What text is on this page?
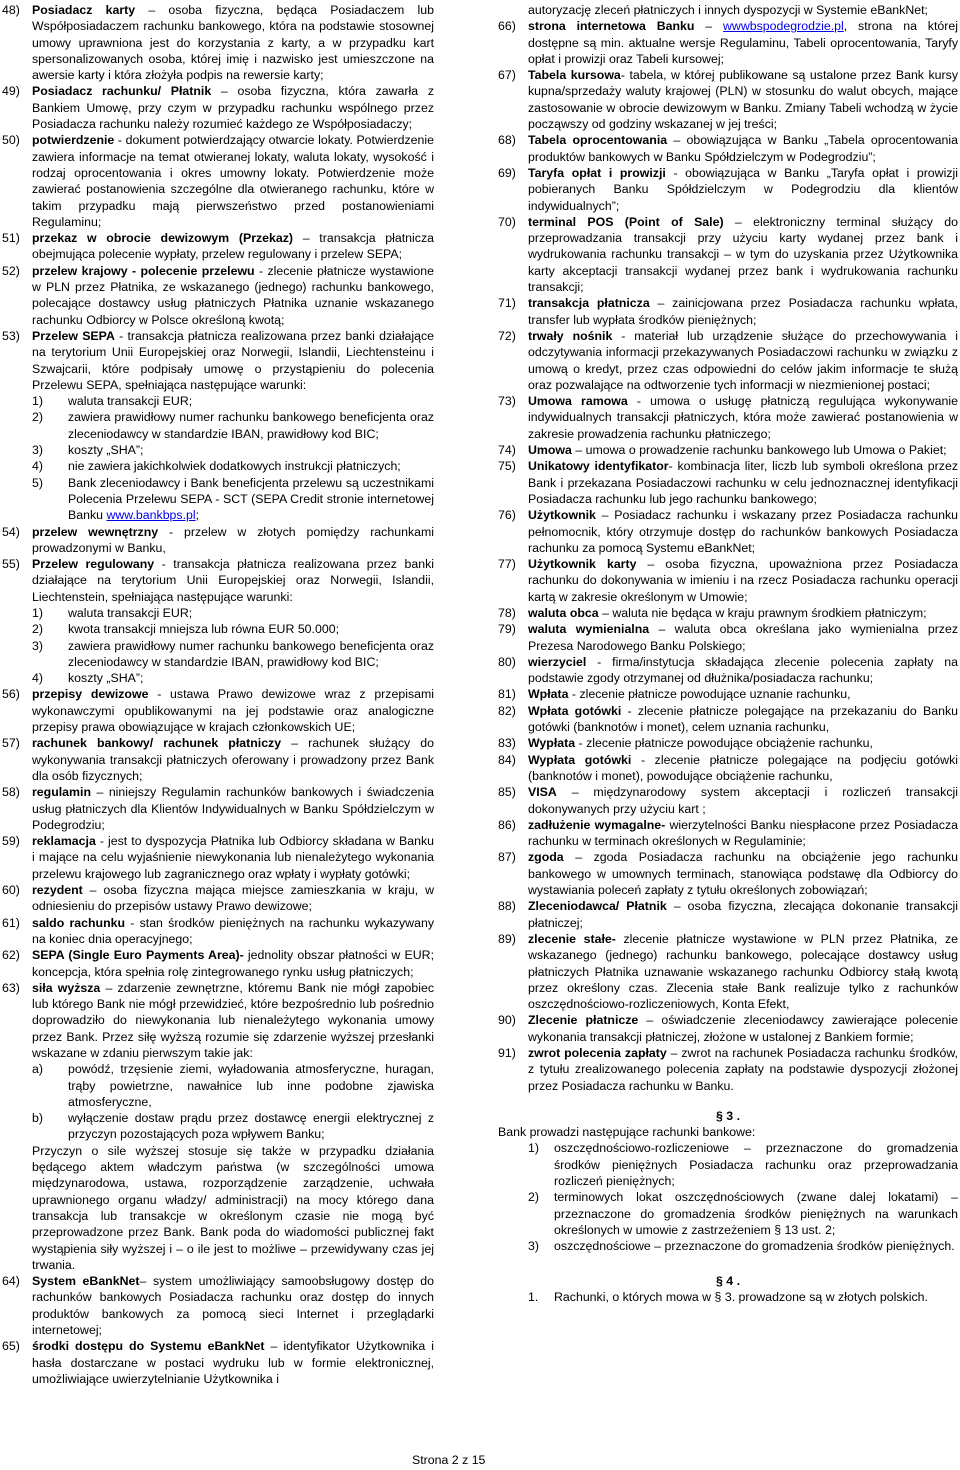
48) Posiadacz karty – osoba fizyczna, będąca Posiadaczem lub Współposiadaczem rachunku bankowego, która na podstawie stosownej umowy uprawniona jest do korzystania z karty, a w przypadku kart spersonalizowanych osoba, której imię i nazwisko jest umieszczone na awersie karty i która złożyła podpis na rewersie karty;

49) Posiadacz rachunku/ Płatnik – osoba fizyczna, która zawarła z Bankiem Umowę, przy czym w przypadku rachunku wspólnego przez Posiadacza rachunku należy rozumieć każdego ze Współposiadaczy;

50) potwierdzenie - dokument potwierdzający otwarcie lokaty. Potwierdzenie zawiera informacje na temat otwieranej lokaty, waluta lokaty, wysokość i rodzaj oprocentowania i okres umowny lokaty. Potwierdzenie może zawierać postanowienia szczególne dla otwieranego rachunku, które w takim przypadku mają pierwszeństwo przed postanowieniami Regulaminu;

51) przekaz w obrocie dewizowym (Przekaz) – transakcja płatnicza obejmująca polecenie wypłaty, przelew regulowany i przelew SEPA;

52) przelew krajowy - polecenie przelewu - zlecenie płatnicze wystawione w PLN przez Płatnika, ze wskazanego (jednego) rachunku bankowego, polecające dostawcy usług płatniczych Płatnika uznanie wskazanego rachunku Odbiorcy w Polsce określoną kwotą;

53) Przelew SEPA - transakcja płatnicza realizowana przez banki działające na terytorium Unii Europejskiej oraz Norwegii, Islandii, Liechtensteinu i Szwajcarii, które podpisały umowę o przystąpieniu do polecenia Przelewu SEPA, spełniająca następujące warunki:

1)	waluta transakcji EUR;
2)	zawiera prawidłowy numer rachunku bankowego beneficjenta oraz zleceniodawcy w standardzie IBAN, prawidłowy kod BIC;
3)	koszty „SHA”;
4)	nie zawiera jakichkolwiek dodatkowych instrukcji płatniczych;
5)	Bank zleceniodawcy i Bank beneficjenta przelewu są uczestnikami Polecenia Przelewu SEPA - SCT (SEPA Credit stronie internetowej Banku www.bankbps.pl;
54) przelew wewnętrzny - przelew w złotych pomiędzy rachunkami prowadzonymi w Banku,

55) Przelew regulowany - transakcja płatnicza realizowana przez banki działające na terytorium Unii Europejskiej oraz Norwegii, Islandii, Liechtenstein, spełniająca następujące warunki:

1)	waluta transakcji EUR;
2)	kwota transakcji mniejsza lub równa EUR 50.000;
3)	zawiera prawidłowy numer rachunku bankowego beneficjenta oraz zleceniodawcy w standardzie IBAN, prawidłowy kod BIC;
4)	koszty „SHA”;
56) przepisy dewizowe - ustawa Prawo dewizowe wraz z przepisami wykonawczymi opublikowanymi na jej podstawie oraz analogiczne przepisy prawa obowiązujące w krajach członkowskich UE;

57) rachunek bankowy/ rachunek płatniczy – rachunek służący do wykonywania transakcji płatniczych oferowany i prowadzony przez Bank dla osób fizycznych;

58) regulamin – niniejszy Regulamin rachunków bankowych i świadczenia usług płatniczych dla Klientów Indywidualnych w Banku Spółdzielczym w Podegrodziu;

59) reklamacja - jest to dyspozycja Płatnika lub Odbiorcy składana w Banku i mające na celu wyjaśnienie niewykonania lub nienależytego wykonania przelewu krajowego lub zagranicznego oraz wpłaty i wypłaty gotówki;

60) rezydent – osoba fizyczna mająca miejsce zamieszkania w kraju, w odniesieniu do przepisów ustawy Prawo dewizowe;

61) saldo rachunku - stan środków pieniężnych na rachunku wykazywany na koniec dnia operacyjnego;

62) SEPA (Single Euro Payments Area)- jednolity obszar płatności w EUR; koncepcja, która spełnia rolę zintegrowanego rynku usług płatniczych;

63) siła wyższa – zdarzenie zewnętrzne, któremu Bank nie mógł zapobiec lub którego Bank nie mógł przewidzieć, które bezpośrednio lub pośrednio doprowadziło do niewykonania lub nienależytego wykonania umowy przez Bank. Przez siłę wyższą rozumie się zdarzenie wyższej przesłanki wskazane w zdaniu pierwszym takie jak:

a)	powódź, trzęsienie ziemi, wyładowania atmosferyczne, huragan, trąby powietrzne, nawałnice lub inne podobne zjawiska atmosferyczne,
b)	wyłączenie dostaw prądu przez dostawcę energii elektrycznej z przyczyn pozostających poza wpływem Banku;

Przyczyn o sile wyższej stosuje się także w przypadku działania będącego aktem władczym państwa (w szczególności umowa międzynarodowa, ustawa, rozporządzenie zarządzenie, uchwała uprawnionego organu władzy/ administracji) na mocy którego dana transakcja lub transakcje w określonym czasie nie mogą być przeprowadzone przez Bank. Bank poda do wiadomości publicznej fakt wystąpienia siły wyższej i – o ile jest to możliwe – przewidywany czas jej trwania.

64) System eBankNet– system umożliwiający samoobsługowy dostęp do rachunków bankowych Posiadacza rachunku oraz dostęp do innych produktów bankowych za pomocą sieci Internet i przeglądarki internetowej;

65) środki dostępu do Systemu eBankNet – identyfikator Użytkownika i hasła dostarczane w postaci wydruku lub w formie elektronicznej, umożliwiające uwierzytelnianie Użytkownika i

autoryzację zleceń płatniczych i innych dyspozycji w Systemie eBankNet;

66) strona internetowa Banku – wwwbspodegrodzie.pl, strona na której dostępne są min. aktualne wersje Regulaminu, Tabeli oprocentowania, Taryfy opłat i prowizji oraz Tabeli kursowej;

67) Tabela kursowa- tabela, w której publikowane są ustalone przez Bank kursy kupna/sprzedaży waluty krajowej (PLN) w stosunku do walut obcych, mające zastosowanie w obrocie dewizowym w Banku. Zmiany Tabeli wchodzą w życie począwszy od godziny wskazanej w jej treści;

68) Tabela oprocentowania – obowiązująca w Banku „Tabela oprocentowania produktów bankowych w Banku Spółdzielczym w Podegrodziu”;

69) Taryfa opłat i prowizji - obowiązująca w Banku „Taryfa opłat i prowizji pobieranych Banku Spółdzielczym w Podegrodziu dla klientów indywidualnych”;

70) terminal POS (Point of Sale) – elektroniczny terminal służący do przeprowadzania transakcji przy użyciu karty wydanej przez bank i wydrukowania rachunku transakcji – w tym do uzyskania przez Użytkownika karty akceptacji transakcji wydanej przez bank i wydrukowania rachunku transakcji;

71) transakcja płatnicza – zainicjowana przez Posiadacza rachunku wpłata, transfer lub wypłata środków pieniężnych;

72) trwały nośnik - materiał lub urządzenie służące do przechowywania i odczytywania informacji przekazywanych Posiadaczowi rachunku w związku z umową o kredyt, przez czas odpowiedni do celów jakim informacje te służą oraz pozwalające na odtworzenie tych informacji w niezmienionej postaci;

73) Umowa ramowa - umowa o usługę płatniczą regulująca wykonywanie indywidualnych transakcji płatniczych, która może zawierać postanowienia w zakresie prowadzenia rachunku płatniczego;

74) Umowa – umowa o prowadzenie rachunku bankowego lub Umowa o Pakiet;

75) Unikatowy identyfikator- kombinacja liter, liczb lub symboli określona przez Bank i przekazana Posiadaczowi rachunku w celu jednoznacznej identyfikacji Posiadacza rachunku lub jego rachunku bankowego;

76) Użytkownik – Posiadacz rachunku i wskazany przez Posiadacza rachunku pełnomocnik, który otrzymuje dostęp do rachunków bankowych Posiadacza rachunku za pomocą Systemu eBankNet;

77) Użytkownik karty – osoba fizyczna, upoważniona przez Posiadacza rachunku do dokonywania w imieniu i na rzecz Posiadacza rachunku operacji kartą w zakresie określonym w Umowie;

78) waluta obca – waluta nie będąca w kraju prawnym środkiem płatniczym;

79) waluta wymienialna – waluta obca określana jako wymienialna przez Prezesa Narodowego Banku Polskiego;

80) wierzyciel - firma/instytucja składająca zlecenie polecenia zapłaty na podstawie zgody otrzymanej od dłużnika/posiadacza rachunku;

81) Wpłata - zlecenie płatnicze powodujące uznanie rachunku,

82) Wpłata gotówki - zlecenie płatnicze polegające na przekazaniu do Banku gotówki (banknotów i monet), celem uznania rachunku,

83) Wypłata - zlecenie płatnicze powodujące obciążenie rachunku,

84) Wypłata gotówki - zlecenie płatnicze polegające na podjęciu gotówki (banknotów i monet), powodujące obciążenie rachunku,

85) VISA – międzynarodowy system akceptacji i rozliczeń transakcji dokonywanych przy użyciu kart ;

86) zadłużenie wymagalne- wierzytelności Banku niespłacone przez Posiadacza rachunku w terminach określonych w Regulaminie;

87) zgoda – zgoda Posiadacza rachunku na obciążenie jego rachunku bankowego w umownych terminach, stanowiąca podstawę dla Odbiorcy do wystawiania poleceń zapłaty z tytułu określonych zobowiązań;

88) Zleceniodawca/ Płatnik – osoba fizyczna, zlecająca dokonanie transakcji płatniczej;

89) zlecenie stałe- zlecenie płatnicze wystawione w PLN przez Płatnika, ze wskazanego (jednego) rachunku bankowego, polecające dostawcy usług płatniczych Płatnika uznawanie wskazanego rachunku Odbiorcy stałą kwotą przez określony czas. Zlecenia stałe Bank realizuje tylko z rachunków oszczędnościowo-rozliczeniowych, Konta Efekt,

90) Zlecenie płatnicze – oświadczenie zleceniodawcy zawierające polecenie wykonania transakcji płatniczej, złożone w ustalonej z Bankiem formie;

91) zwrot polecenia zapłaty – zwrot na rachunek Posiadacza rachunku środków, z tytułu zrealizowanego polecenia zapłaty na podstawie dyspozycji złożonej przez Posiadacza rachunku w Banku.

§ 3 .

Bank prowadzi następujące rachunki bankowe:

1)	oszczędnościowo-rozliczeniowe – przeznaczone do gromadzenia środków pieniężnych Posiadacza rachunku oraz przeprowadzania rozliczeń pieniężnych;
2)	terminowych lokat oszczędnościowych (zwane dalej lokatami) – przeznaczone do gromadzenia środków pieniężnych na warunkach określonych w umowie z zastrzeżeniem § 13 ust. 2;
3)	oszczędnościowe – przeznaczone do gromadzenia środków pieniężnych.

§ 4 .

1.	Rachunki, o których mowa w § 3. prowadzone są w złotych polskich.
Strona 2 z 15
